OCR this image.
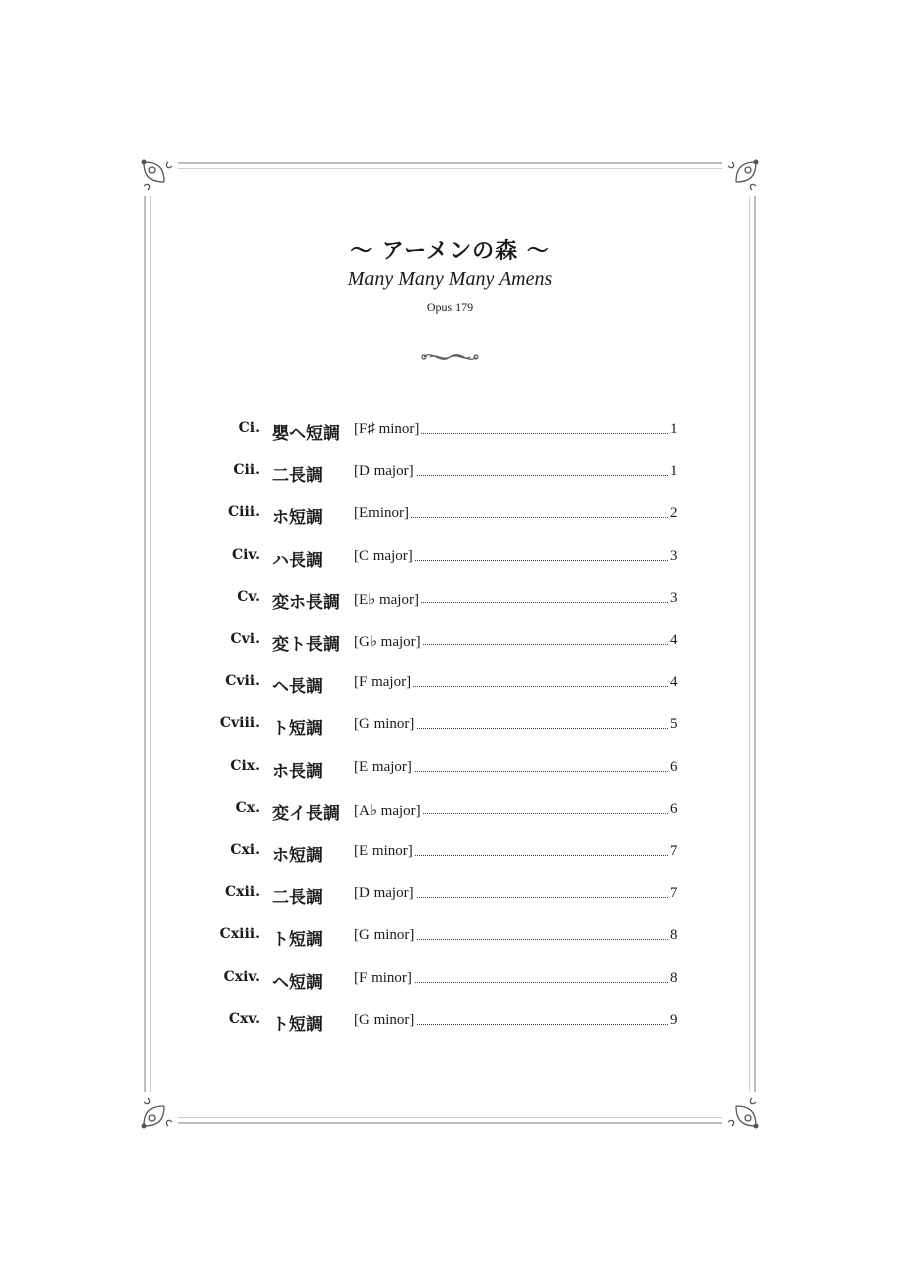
～ アーメンの森 ～
Many Many Many Amens
Opus 179
Ci. 嬰ヘ短調 [F♯ minor]	1
Cii. 二長調 [D major]	1
Ciii. ホ短調 [Eminor]	2
Civ. ハ長調 [C major]	3
Cv. 変ホ長調 [E♭ major]	3
Cvi. 変ト長調 [G♭ major]	4
Cvii. ヘ長調 [F major]	4
Cviii. ト短調 [G minor]	5
Cix. ホ長調 [E major]	6
Cx. 変イ長調 [A♭ major]	6
Cxi. ホ短調 [E minor]	7
Cxii. 二長調 [D major]	7
Cxiii. ト短調 [G minor]	8
Cxiv. ヘ短調 [F minor]	8
Cxv. ト短調 [G minor]	9
